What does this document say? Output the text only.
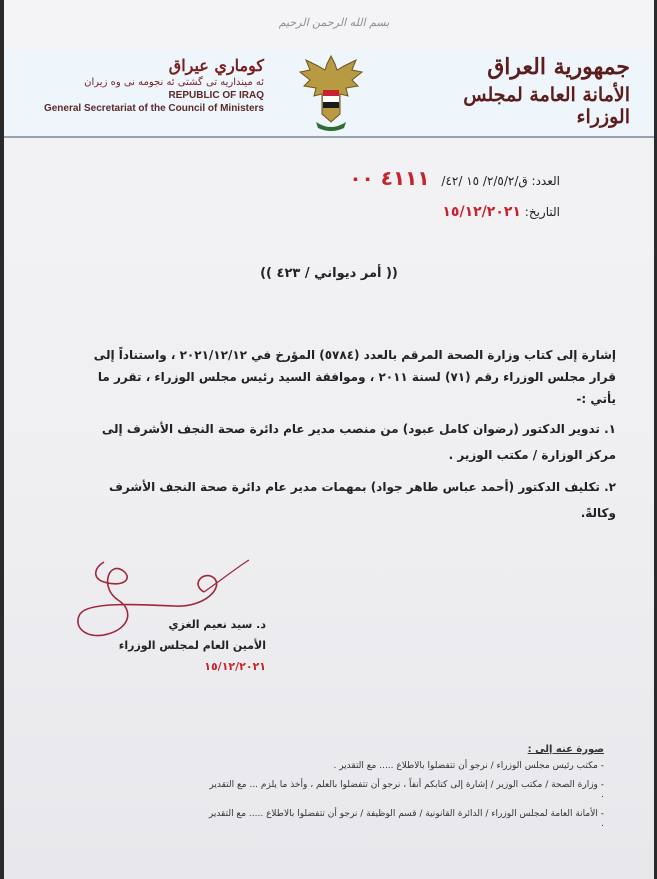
بسم الله الرحمن الرحيم
كوماري عيراق
ئه مينداريه تى گشتى ئه نجومه نى وه زيران
REPUBLIC OF IRAQ
General Secretariat of the Council of Ministers
جمهورية العراق
الأمانة العامة لمجلس الوزراء
العدد: ق/٢/٥/٢/ ١٥ /٤٢/ ٤١١١ ٠٠
التاريخ: ١٥/١٢/٢٠٢١
(( أمر ديواني / ٤٢٣ ))

إشارة إلى كتاب وزارة الصحة المرقم بالعدد (٥٧٨٤) المؤرخ في ٢٠٢١/١٢/١٢ ، واستناداً إلى قرار مجلس الوزراء رقم (٧١) لسنة ٢٠١١ ، وموافقة السيد رئيس مجلس الوزراء ، تقرر ما يأتي :-

١. تدوير الدكتور (رضوان كامل عبود) من منصب مدير عام دائرة صحة النجف الأشرف إلى مركز الوزارة / مكتب الوزير .

٢. تكليف الدكتور (أحمد عباس طاهر جواد) بمهمات مدير عام دائرة صحة النجف الأشرف وكالةً.

د. سيد نعيم الغزي
الأمين العام لمجلس الوزراء
١٥/١٢/٢٠٢١
صورة عنه إلى :
- مكتب رئيس مجلس الوزراء / نرجو أن تتفضلوا بالاطلاع ..... مع التقدير .
- وزارة الصحة / مكتب الوزير / إشارة إلى كتابكم أنفاً ، نرجو أن تتفضلوا بالعلم ، وأخذ ما يلزم ... مع التقدير .
- الأمانة العامة لمجلس الوزراء / الدائرة القانونية / قسم الوظيفة / نرجو أن تتفضلوا بالاطلاع ..... مع التقدير .
